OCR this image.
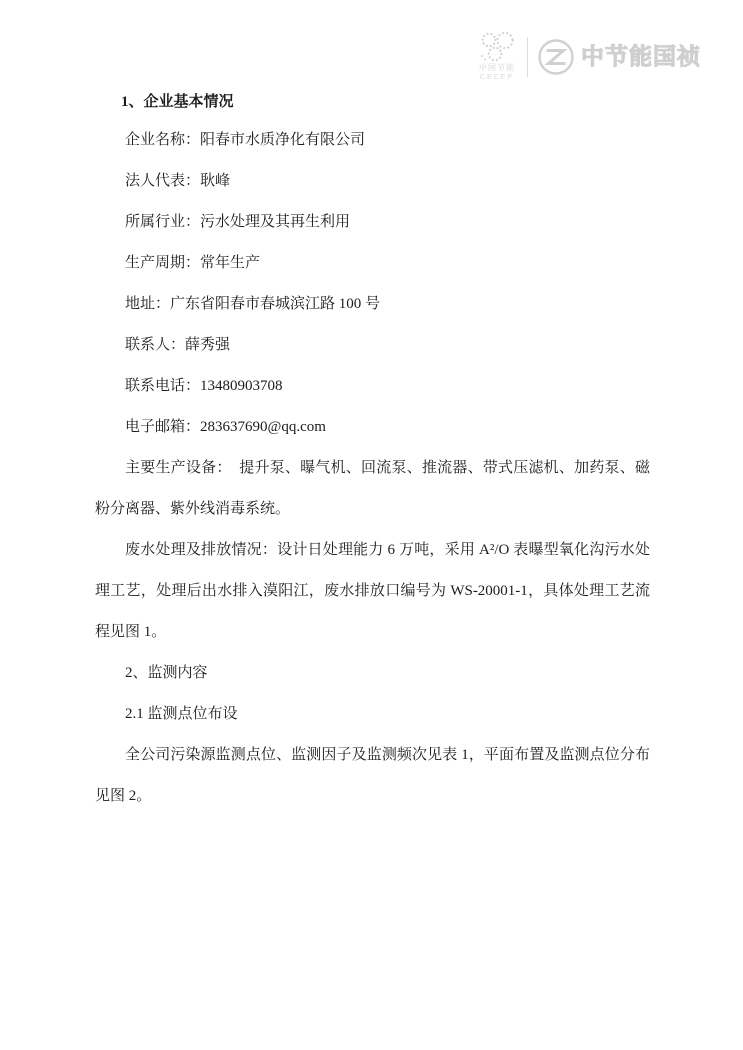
中国节能
CECEP
中节能国祯

1、企业基本情况

企业名称：阳春市水质净化有限公司

法人代表：耿峰

所属行业：污水处理及其再生利用

生产周期：常年生产

地址：广东省阳春市春城滨江路 100 号

联系人：薛秀强

联系电话：13480903708

电子邮箱：283637690@qq.com

主要生产设备：　提升泵、曝气机、回流泵、推流器、带式压滤机、加药泵、磁粉分离器、紫外线消毒系统。

废水处理及排放情况：设计日处理能力 6 万吨，采用 A²/O 表曝型氧化沟污水处理工艺，处理后出水排入漠阳江，废水排放口编号为 WS-20001-1，具体处理工艺流程见图 1。

2、监测内容

2.1 监测点位布设

全公司污染源监测点位、监测因子及监测频次见表 1，平面布置及监测点位分布见图 2。
